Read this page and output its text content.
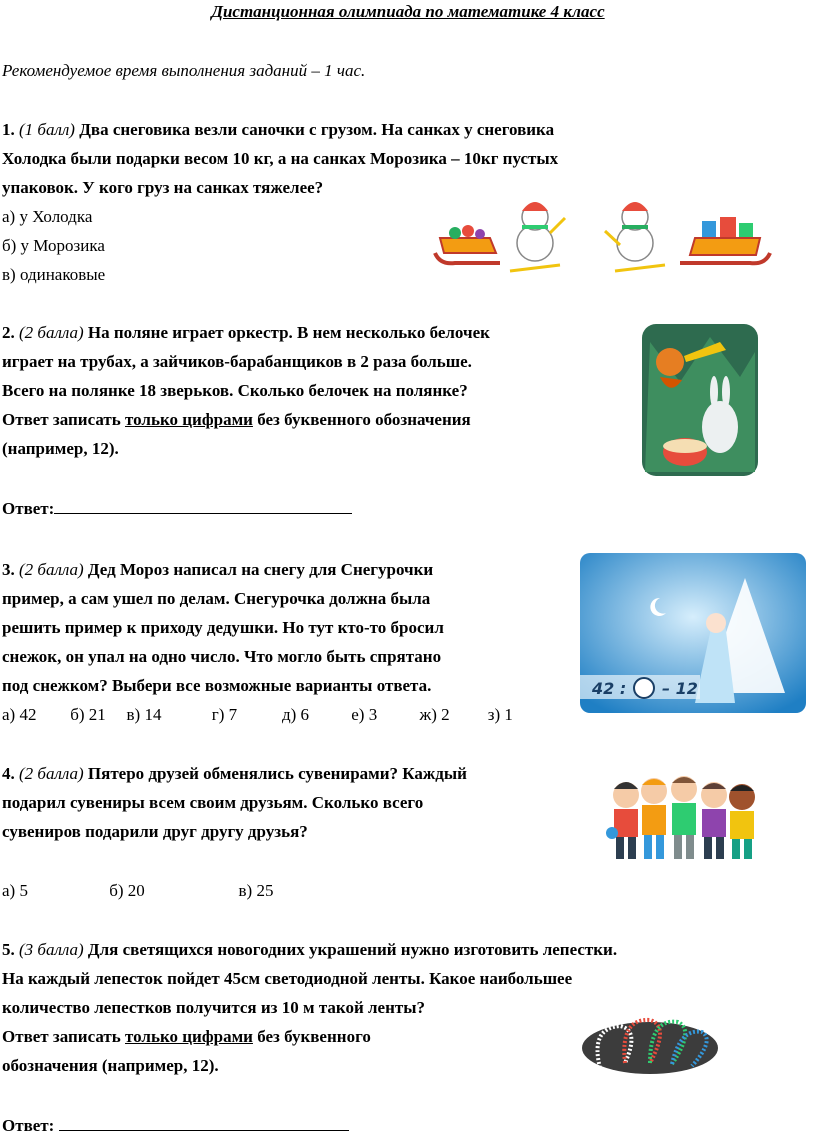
Дистанционная олимпиада по математике 4 класс
Рекомендуемое время выполнения заданий – 1 час.
1. (1 балл) Два снеговика везли саночки с грузом. На санках у снеговика
Холодка были подарки весом 10 кг, а на санках Морозика – 10кг пустых
упаковок. У кого груз на санках тяжелее?
а) у Холодка
б) у Морозика
в) одинаковые
2. (2 балла) На поляне играет оркестр. В нем несколько белочек
играет на трубах, а зайчиков-барабанщиков в 2 раза больше.
Всего на полянке 18 зверьков. Сколько белочек на полянке?
Ответ записать только цифрами без буквенного обозначения
(например, 12).
Ответ:
3. (2 балла) Дед Мороз написал на снегу для Снегурочки
пример, а сам ушел по делам. Снегурочка должна была
решить пример к приходу дедушки. Но тут кто-то бросил
снежок, он упал на одно число. Что могло быть спрятано
под снежком? Выбери все возможные варианты ответа.
а) 42 б) 21 в) 14	г) 7	д) 6 е) 3 ж) 2 з) 1
42 : – 12
4. (2 балла) Пятеро друзей обменялись сувенирами? Каждый
подарил сувениры всем своим друзьям. Сколько всего
сувениров подарили друг другу друзья?
а) 5	б) 20	в) 25
5. (3 балла) Для светящихся новогодних украшений нужно изготовить лепестки.
На каждый лепесток пойдет 45см светодиодной ленты. Какое наибольшее
количество лепестков получится из 10 м такой ленты?
Ответ записать только цифрами без буквенного
обозначения (например, 12).
Ответ:
